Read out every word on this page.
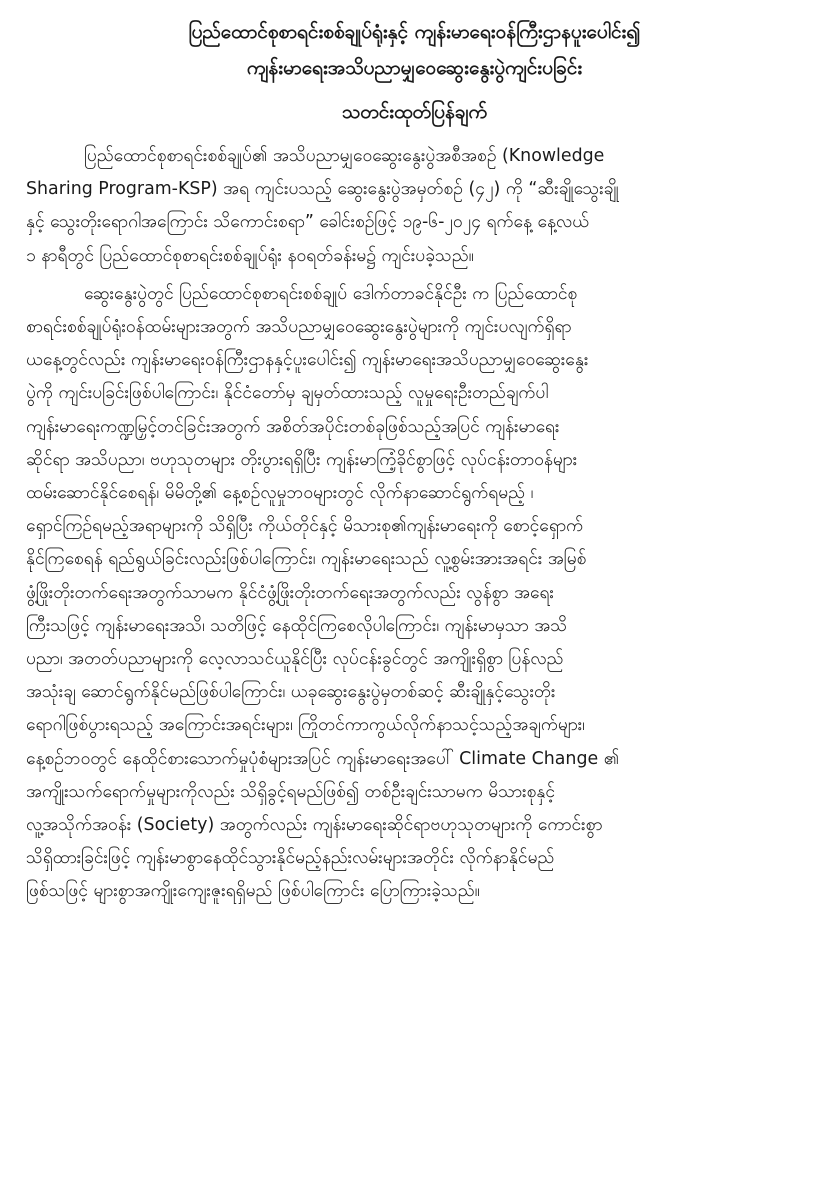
ပြည်ထောင်စုစာရင်းစစ်ချုပ်ရုံးနှင့် ကျန်းမာရေးဝန်ကြီးဌာနပူးပေါင်း၍
ကျန်းမာရေးအသိပညာမျှဝေဆွေးနွေးပွဲကျင်းပခြင်း
သတင်းထုတ်ပြန်ချက်

ပြည်ထောင်စုစာရင်းစစ်ချုပ်၏ အသိပညာမျှဝေဆွေးနွေးပွဲအစီအစဉ် (Knowledge
Sharing Program-KSP) အရ ကျင်းပသည့် ဆွေးနွေးပွဲအမှတ်စဉ် (၄၂) ကို “ဆီးချိုသွေးချို
နှင့် သွေးတိုးရောဂါအကြောင်း သိကောင်းစရာ” ခေါင်းစဉ်ဖြင့် ၁၉-၆-၂၀၂၄ ရက်နေ့ နေ့လယ်
၁ နာရီတွင် ပြည်ထောင်စုစာရင်းစစ်ချုပ်ရုံး န၀ရတ်ခန်းမ၌ ကျင်းပခဲ့သည်။

ဆွေးနွေးပွဲတွင် ပြည်ထောင်စုစာရင်းစစ်ချုပ် ဒေါက်တာခင်နိုင်ဦး က ပြည်ထောင်စု
စာရင်းစစ်ချုပ်ရုံးဝန်ထမ်းများအတွက် အသိပညာမျှဝေဆွေးနွေးပွဲများကို ကျင်းပလျက်ရှိရာ
ယနေ့တွင်လည်း ကျန်းမာရေးဝန်ကြီးဌာနနှင့်ပူးပေါင်း၍ ကျန်းမာရေးအသိပညာမျှဝေဆွေးနွေး
ပွဲကို ကျင်းပခြင်းဖြစ်ပါကြောင်း၊ နိုင်ငံတော်မှ ချမှတ်ထားသည့် လူမှုရေးဦးတည်ချက်ပါ
ကျန်းမာရေးကဏ္ဍမြှင့်တင်ခြင်းအတွက် အစိတ်အပိုင်းတစ်ခုဖြစ်သည့်အပြင် ကျန်းမာရေး
ဆိုင်ရာ အသိပညာ၊ ဗဟုသုတများ တိုးပွားရရှိပြီး ကျန်းမာကြံ့ခိုင်စွာဖြင့် လုပ်ငန်းတာဝန်များ
ထမ်းဆောင်နိုင်စေရန်၊ မိမိတို့၏ နေ့စဉ်လူမှုဘဝများတွင် လိုက်နာဆောင်ရွက်ရမည့် ၊
ရှောင်ကြဉ်ရမည့်အရာများကို သိရှိပြီး ကိုယ်တိုင်နှင့် မိသားစု၏ကျန်းမာရေးကို စောင့်ရှောက်
နိုင်ကြစေရန် ရည်ရွယ်ခြင်းလည်းဖြစ်ပါကြောင်း၊ ကျန်းမာရေးသည် လူ့စွမ်းအားအရင်း အမြစ်
ဖွံ့ဖြိုးတိုးတက်ရေးအတွက်သာမက နိုင်ငံဖွံ့ဖြိုးတိုးတက်ရေးအတွက်လည်း လွန်စွာ အရေး
ကြီးသဖြင့် ကျန်းမာရေးအသိ၊ သတိဖြင့် နေထိုင်ကြစေလိုပါကြောင်း၊ ကျန်းမာမှသာ အသိ
ပညာ၊ အတတ်ပညာများကို လေ့လာသင်ယူနိုင်ပြီး လုပ်ငန်းခွင်တွင် အကျိုးရှိစွာ ပြန်လည်
အသုံးချ ဆောင်ရွက်နိုင်မည်ဖြစ်ပါကြောင်း၊ ယခုဆွေးနွေးပွဲမှတစ်ဆင့် ဆီးချိုနှင့်သွေးတိုး
ရောဂါဖြစ်ပွားရသည့် အကြောင်းအရင်းများ၊ ကြိုတင်ကာကွယ်လိုက်နာသင့်သည့်အချက်များ၊
နေ့စဉ်ဘဝတွင် နေထိုင်စားသောက်မှုပုံစံများအပြင် ကျန်းမာရေးအပေါ် Climate Change ၏
အကျိုးသက်ရောက်မှုများကိုလည်း သိရှိခွင့်ရမည်ဖြစ်၍ တစ်ဦးချင်းသာမက မိသားစုနှင့်
လူ့အသိုက်အဝန်း (Society) အတွက်လည်း ကျန်းမာရေးဆိုင်ရာဗဟုသုတများကို ကောင်းစွာ
သိရှိထားခြင်းဖြင့် ကျန်းမာစွာနေထိုင်သွားနိုင်မည့်နည်းလမ်းများအတိုင်း လိုက်နာနိုင်မည်
ဖြစ်သဖြင့် များစွာအကျိုးကျေးဇူးရရှိမည် ဖြစ်ပါကြောင်း ပြောကြားခဲ့သည်။
